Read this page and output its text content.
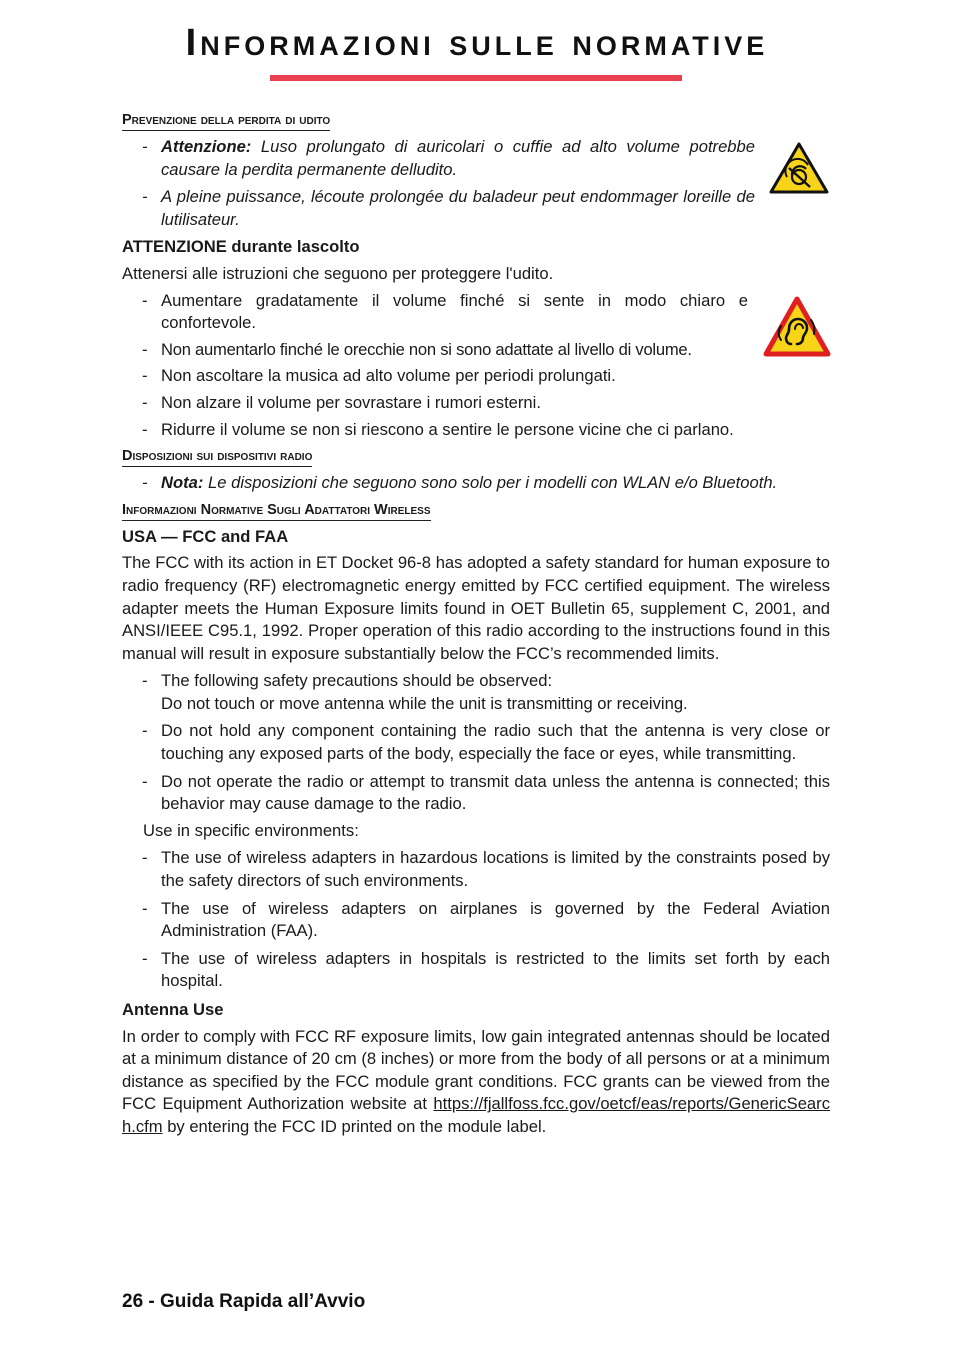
Informazioni sulle normative
Prevenzione della perdita di udito
- Attenzione: Luso prolungato di auricolari o cuffie ad alto volume potrebbe causare la perdita permanente delludito.
- A pleine puissance, lécoute prolongée du baladeur peut endommager loreille de lutilisateur.

ATTENZIONE durante lascolto

Attenersi alle istruzioni che seguono per proteggere l'udito.

- Aumentare gradatamente il volume finché si sente in modo chiaro e confortevole.
- Non aumentarlo finché le orecchie non si sono adattate al livello di volume.
- Non ascoltare la musica ad alto volume per periodi prolungati.
- Non alzare il volume per sovrastare i rumori esterni.
- Ridurre il volume se non si riescono a sentire le persone vicine che ci parlano.
Disposizioni sui dispositivi radio
- Nota: Le disposizioni che seguono sono solo per i modelli con WLAN e/o Bluetooth.
Informazioni Normative Sugli Adattatori Wireless

USA — FCC and FAA

The FCC with its action in ET Docket 96-8 has adopted a safety standard for human exposure to radio frequency (RF) electromagnetic energy emitted by FCC certified equipment. The wireless adapter meets the Human Exposure limits found in OET Bulletin 65, supplement C, 2001, and ANSI/IEEE C95.1, 1992. Proper operation of this radio according to the instructions found in this manual will result in exposure substantially below the FCC’s recommended limits.

- The following safety precautions should be observed:
Do not touch or move antenna while the unit is transmitting or receiving.
- Do not hold any component containing the radio such that the antenna is very close or touching any exposed parts of the body, especially the face or eyes, while transmitting.
- Do not operate the radio or attempt to transmit data unless the antenna is connected; this behavior may cause damage to the radio.

Use in specific environments:

- The use of wireless adapters in hazardous locations is limited by the constraints posed by the safety directors of such environments.
- The use of wireless adapters on airplanes is governed by the Federal Aviation Administration (FAA).
- The use of wireless adapters in hospitals is restricted to the limits set forth by each hospital.

Antenna Use

In order to comply with FCC RF exposure limits, low gain integrated antennas should be located at a minimum distance of 20 cm (8 inches) or more from the body of all persons or at a minimum distance as specified by the FCC module grant conditions. FCC grants can be viewed from the FCC Equipment Authorization website at https://fjallfoss.fcc.gov/oetcf/eas/reports/GenericSearch.cfm by entering the FCC ID printed on the module label.

26 - Guida Rapida all’Avvio
